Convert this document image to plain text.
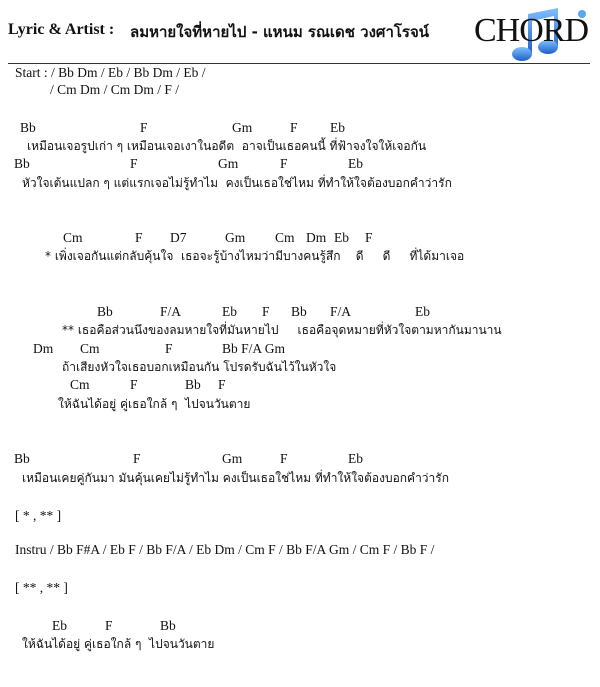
Lyric & Artist : ลมหายใจที่หายไป - แหนม รณเดช วงศาโรจน์ CHORD
Start : / Bb Dm / Eb / Bb Dm / Eb /
/ Cm Dm / Cm Dm / F /
Bb	F	Gm	F Eb
เหมือนเจอรูปเก่า ๆ เหมือนเจอเงาในอดีต  อาจเป็นเธอคนนี้ ที่ฟ้าจงใจให้เจอกัน
Bb	F	Gm	F	Eb
หัวใจเต้นแปลก ๆ แต่แรกเจอไม่รู้ทำไม  คงเป็นเธอใช่ไหม ที่ทำให้ใจต้องบอกคำว่ารัก
Cm	F D7	Gm Cm Dm Eb F
* เพิ่งเจอกันแต่กลับคุ้นใจ  เธอจะรู้บ้างไหมว่ามีบางคนรู้สึก    ดี     ดี     ที่ได้มาเจอ
Bb	F/A	Eb F Bb F/A	Eb
** เธอคือส่วนนึงของลมหายใจที่มันหายไป     เธอคือจุดหมายที่หัวใจตามหากันมานาน
Dm Cm	F	Bb F/A Gm
ถ้าเสียงหัวใจเธอบอกเหมือนกัน โปรดรับฉันไว้ในหัวใจ
Cm	F	Bb F
ให้ฉันได้อยู่ คู่เธอใกล้ ๆ  ไปจนวันตาย
Bb	F	Gm	F	Eb
เหมือนเคยคู่กันมา มันคุ้นเคยไม่รู้ทำไม คงเป็นเธอใช่ไหม ที่ทำให้ใจต้องบอกคำว่ารัก
[ * , ** ]
Instru / Bb F#A / Eb F / Bb F/A / Eb Dm / Cm F / Bb F/A Gm / Cm F / Bb F /
[ ** , ** ]
Eb	F	Bb
ให้ฉันได้อยู่ คู่เธอใกล้ ๆ  ไปจนวันตาย
